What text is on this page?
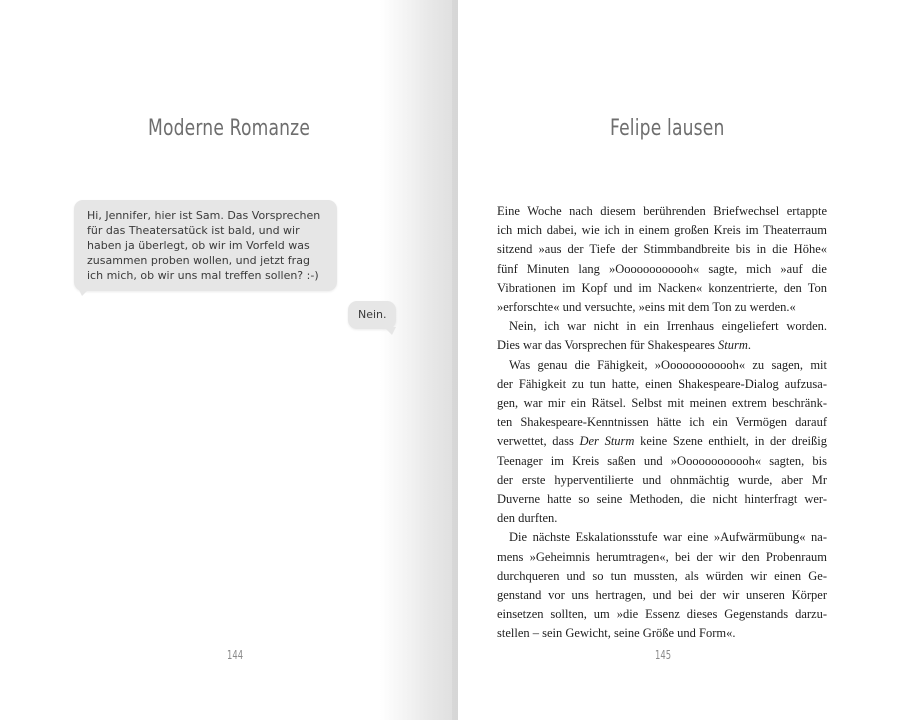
Moderne Romanze
Hi, Jennifer, hier ist Sam. Das Vorsprechen
für das Theatersatück ist bald, und wir
haben ja überlegt, ob wir im Vorfeld was
zusammen proben wollen, und jetzt frag
ich mich, ob wir uns mal treffen sollen? :-)
Nein.
144
Felipe lausen
145

Eine Woche nach diesem berührenden Briefwechsel ertappte
ich mich dabei, wie ich in einem großen Kreis im Theaterraum
sitzend »aus der Tiefe der Stimmbandbreite bis in die Höhe«
fünf Minuten lang »Oooooooooooh« sagte, mich »auf die
Vibrationen im Kopf und im Nacken« konzentrierte, den Ton
»erforschte« und versuchte, »eins mit dem Ton zu werden.«

Nein, ich war nicht in ein Irrenhaus eingeliefert worden.
Dies war das Vorsprechen für Shakespeares Sturm.

Was genau die Fähigkeit, »Oooooooooooh« zu sagen, mit
der Fähigkeit zu tun hatte, einen Shakespeare-Dialog aufzusa-
gen, war mir ein Rätsel. Selbst mit meinen extrem beschränk-
ten Shakespeare-Kenntnissen hätte ich ein Vermögen darauf
verwettet, dass Der Sturm keine Szene enthielt, in der dreißig
Teenager im Kreis saßen und »Oooooooooooh« sagten, bis
der erste hyperventilierte und ohnmächtig wurde, aber Mr
Duverne hatte so seine Methoden, die nicht hinterfragt wer-
den durften.

Die nächste Eskalationsstufe war eine »Aufwärmübung« na-
mens »Geheimnis herumtragen«, bei der wir den Probenraum
durchqueren und so tun mussten, als würden wir einen Ge-
genstand vor uns hertragen, und bei der wir unseren Körper
einsetzen sollten, um »die Essenz dieses Gegenstands darzu-
stellen – sein Gewicht, seine Größe und Form«.
